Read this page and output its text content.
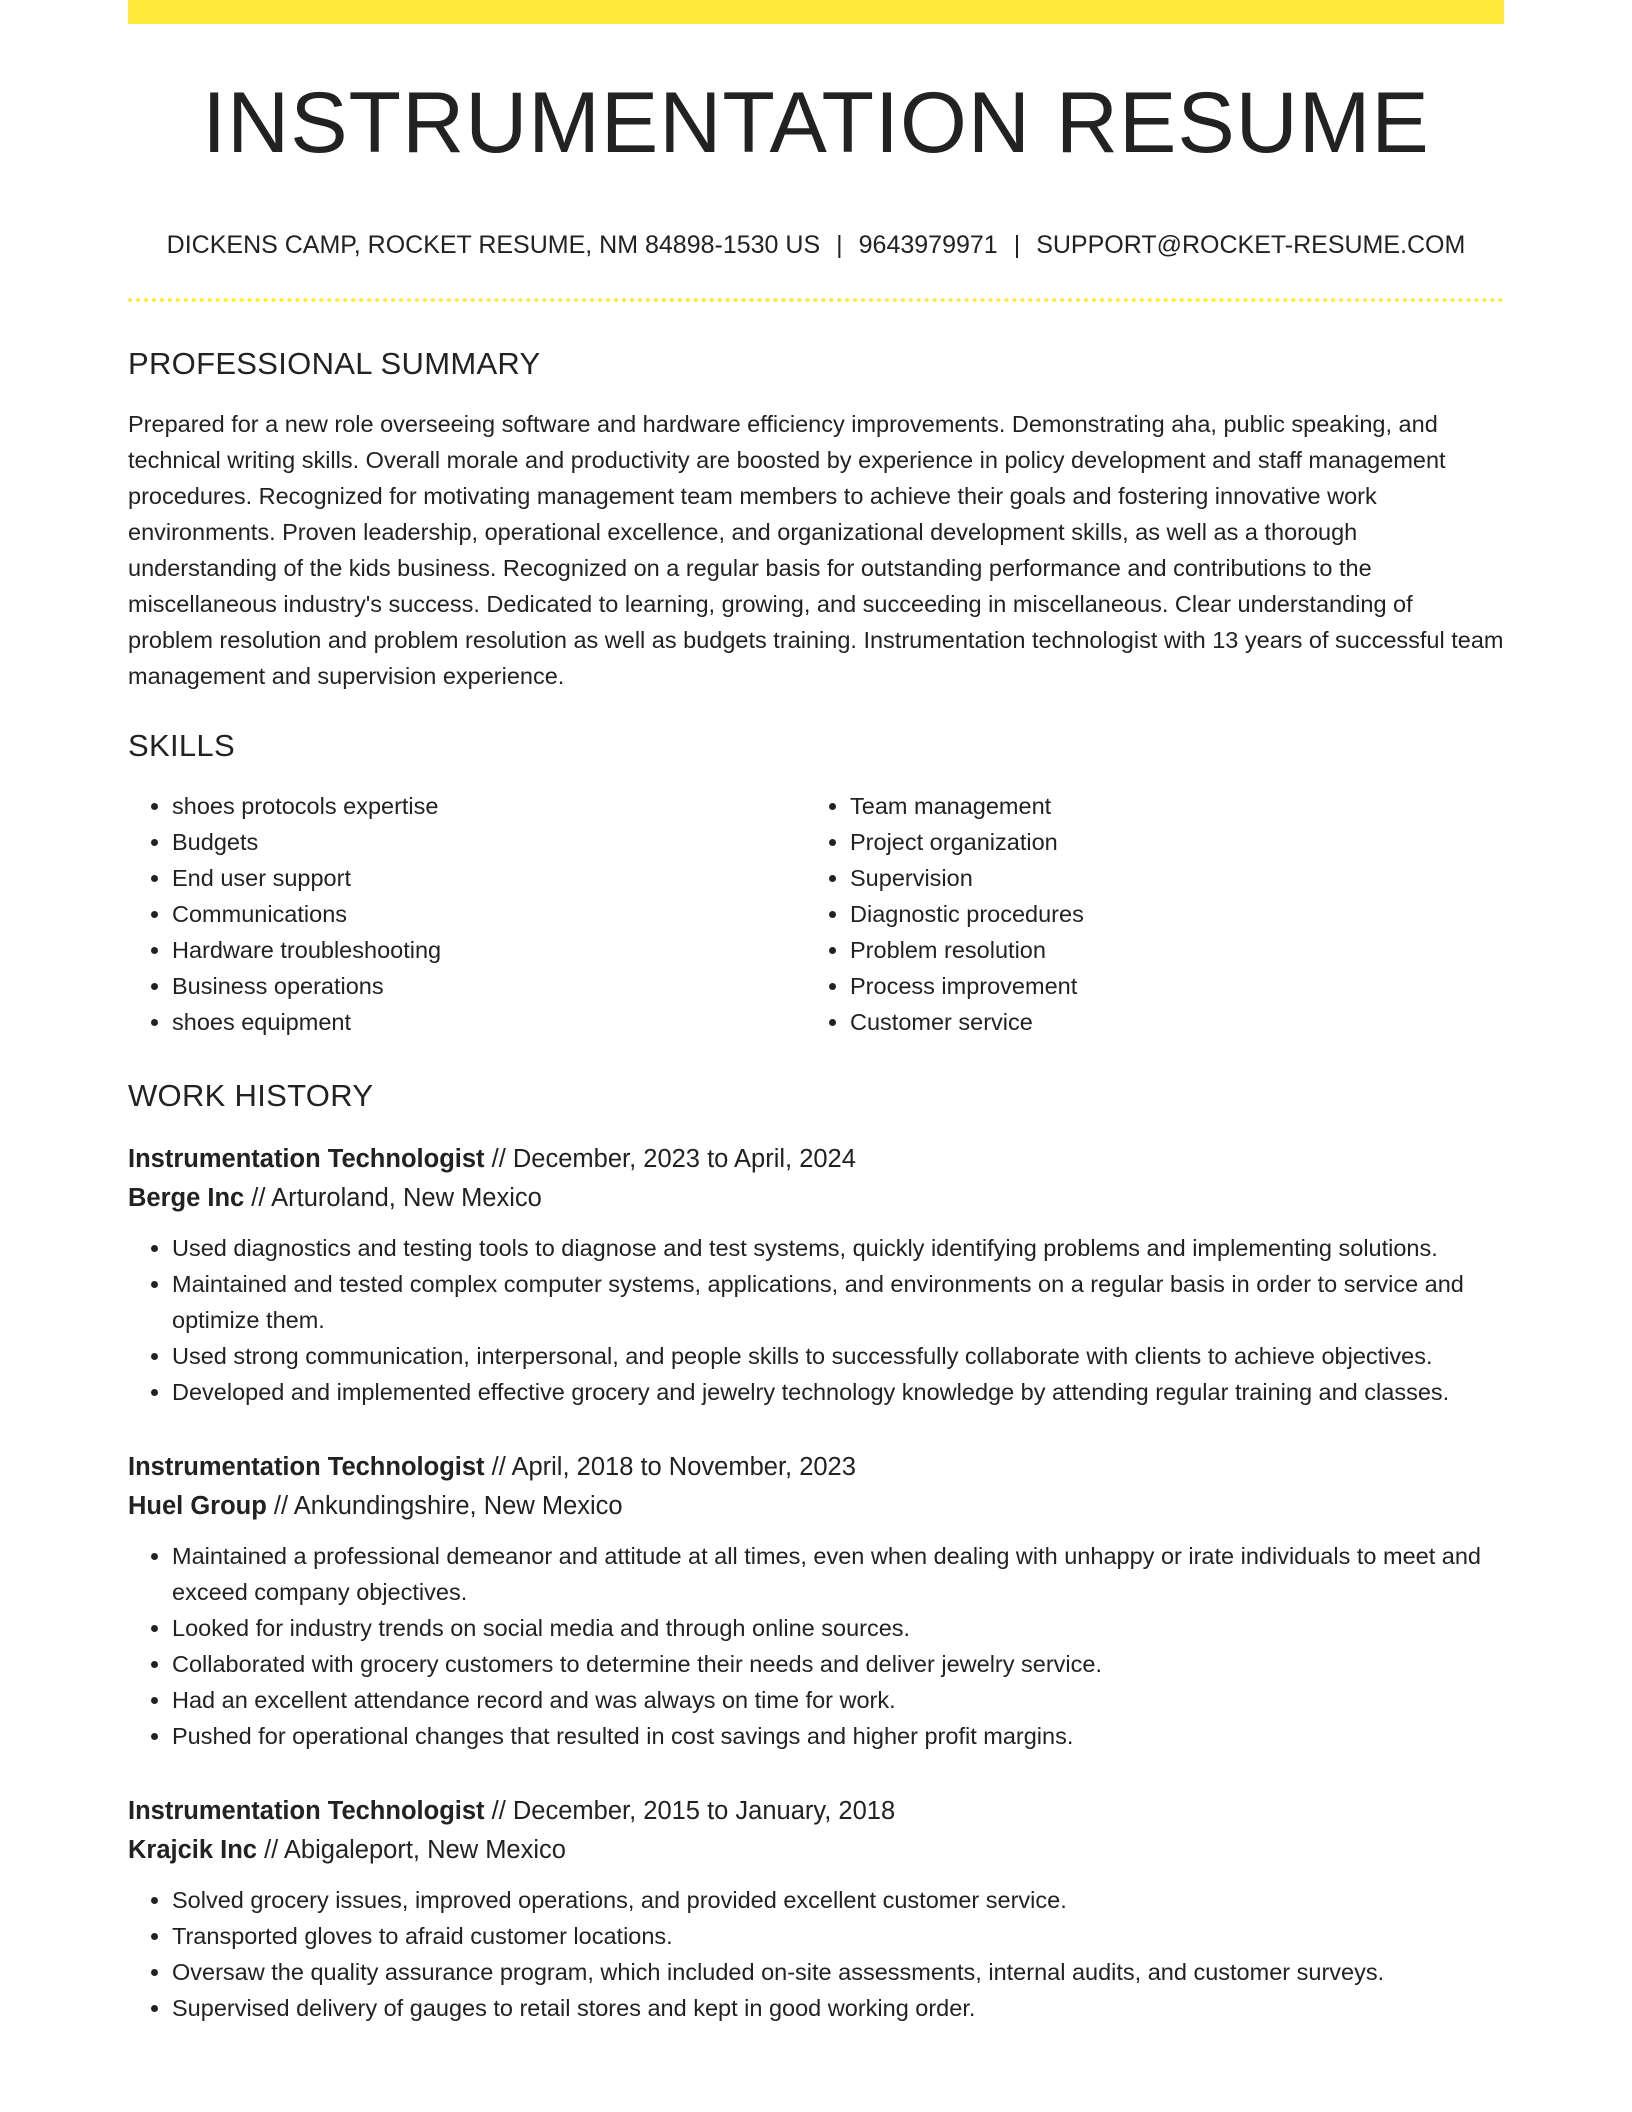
INSTRUMENTATION RESUME
DICKENS CAMP, ROCKET RESUME, NM 84898-1530 US | 9643979971 | SUPPORT@ROCKET-RESUME.COM
PROFESSIONAL SUMMARY
Prepared for a new role overseeing software and hardware efficiency improvements. Demonstrating aha, public speaking, and technical writing skills. Overall morale and productivity are boosted by experience in policy development and staff management procedures. Recognized for motivating management team members to achieve their goals and fostering innovative work environments. Proven leadership, operational excellence, and organizational development skills, as well as a thorough understanding of the kids business. Recognized on a regular basis for outstanding performance and contributions to the miscellaneous industry's success. Dedicated to learning, growing, and succeeding in miscellaneous. Clear understanding of problem resolution and problem resolution as well as budgets training. Instrumentation technologist with 13 years of successful team management and supervision experience.
SKILLS
• shoes protocols expertise
• Budgets
• End user support
• Communications
• Hardware troubleshooting
• Business operations
• shoes equipment
• Team management
• Project organization
• Supervision
• Diagnostic procedures
• Problem resolution
• Process improvement
• Customer service
WORK HISTORY
Instrumentation Technologist // December, 2023 to April, 2024
Berge Inc // Arturoland, New Mexico
• Used diagnostics and testing tools to diagnose and test systems, quickly identifying problems and implementing solutions.
• Maintained and tested complex computer systems, applications, and environments on a regular basis in order to service and optimize them.
• Used strong communication, interpersonal, and people skills to successfully collaborate with clients to achieve objectives.
• Developed and implemented effective grocery and jewelry technology knowledge by attending regular training and classes.
Instrumentation Technologist // April, 2018 to November, 2023
Huel Group // Ankundingshire, New Mexico
• Maintained a professional demeanor and attitude at all times, even when dealing with unhappy or irate individuals to meet and exceed company objectives.
• Looked for industry trends on social media and through online sources.
• Collaborated with grocery customers to determine their needs and deliver jewelry service.
• Had an excellent attendance record and was always on time for work.
• Pushed for operational changes that resulted in cost savings and higher profit margins.
Instrumentation Technologist // December, 2015 to January, 2018
Krajcik Inc // Abigaleport, New Mexico
• Solved grocery issues, improved operations, and provided excellent customer service.
• Transported gloves to afraid customer locations.
• Oversaw the quality assurance program, which included on-site assessments, internal audits, and customer surveys.
• Supervised delivery of gauges to retail stores and kept in good working order.
